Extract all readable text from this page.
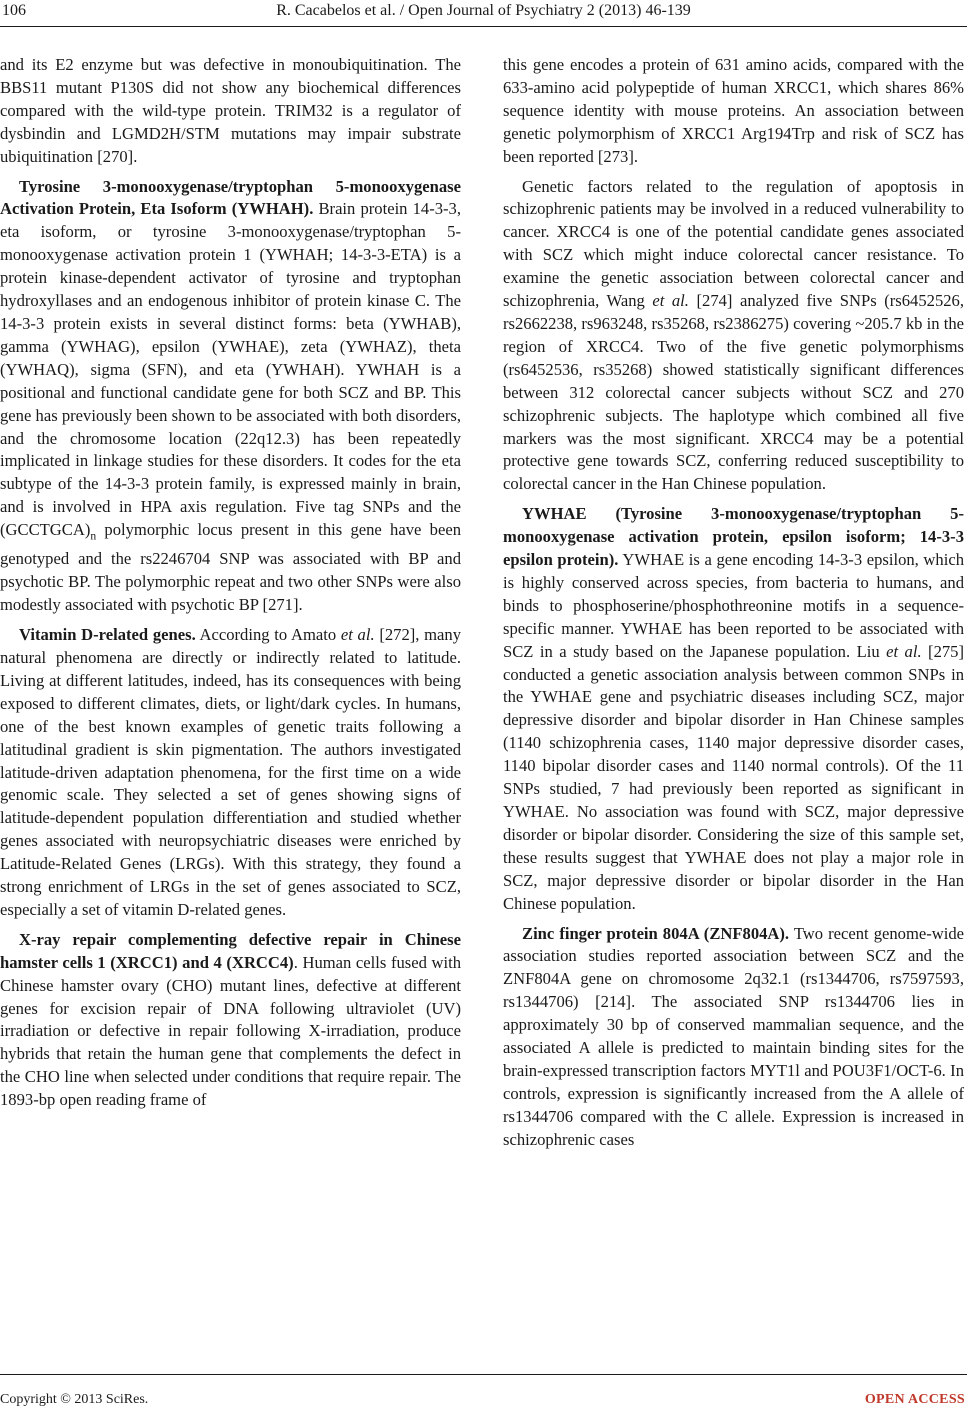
106	R. Cacabelos et al. / Open Journal of Psychiatry 2 (2013) 46-139

and its E2 enzyme but was defective in monoubiquitination. The BBS11 mutant P130S did not show any biochemical differences compared with the wild-type protein. TRIM32 is a regulator of dysbindin and LGMD2H/STM mutations may impair substrate ubiquitination [270].

Tyrosine 3-monooxygenase/tryptophan 5-monooxygenase Activation Protein, Eta Isoform (YWHAH). Brain protein 14-3-3, eta isoform, or tyrosine 3-monooxygenase/tryptophan 5-monooxygenase activation protein 1 (YWHAH; 14-3-3-ETA) is a protein kinase-dependent activator of tyrosine and tryptophan hydroxyllases and an endogenous inhibitor of protein kinase C. The 14-3-3 protein exists in several distinct forms: beta (YWHAB), gamma (YWHAG), epsilon (YWHAE), zeta (YWHAZ), theta (YWHAQ), sigma (SFN), and eta (YWHAH). YWHAH is a positional and functional candidate gene for both SCZ and BP. This gene has previously been shown to be associated with both disorders, and the chromosome location (22q12.3) has been repeatedly implicated in linkage studies for these disorders. It codes for the eta subtype of the 14-3-3 protein family, is expressed mainly in brain, and is involved in HPA axis regulation. Five tag SNPs and the $(GCCTGCA)_n$ polymorphic locus present in this gene have been genotyped and the rs2246704 SNP was associated with BP and psychotic BP. The polymorphic repeat and two other SNPs were also modestly associated with psychotic BP [271].

Vitamin D-related genes. According to Amato et al. [272], many natural phenomena are directly or indirectly related to latitude. Living at different latitudes, indeed, has its consequences with being exposed to different climates, diets, or light/dark cycles. In humans, one of the best known examples of genetic traits following a latitudinal gradient is skin pigmentation. The authors investigated latitude-driven adaptation phenomena, for the first time on a wide genomic scale. They selected a set of genes showing signs of latitude-dependent population differentiation and studied whether genes associated with neuropsychiatric diseases were enriched by Latitude-Related Genes (LRGs). With this strategy, they found a strong enrichment of LRGs in the set of genes associated to SCZ, especially a set of vitamin D-related genes.

X-ray repair complementing defective repair in Chinese hamster cells 1 (XRCC1) and 4 (XRCC4). Human cells fused with Chinese hamster ovary (CHO) mutant lines, defective at different genes for excision repair of DNA following ultraviolet (UV) irradiation or defective in repair following X-irradiation, produce hybrids that retain the human gene that complements the defect in the CHO line when selected under conditions that require repair. The 1893-bp open reading frame of

this gene encodes a protein of 631 amino acids, compared with the 633-amino acid polypeptide of human XRCC1, which shares 86% sequence identity with mouse proteins. An association between genetic polymorphism of XRCC1 Arg194Trp and risk of SCZ has been reported [273].

Genetic factors related to the regulation of apoptosis in schizophrenic patients may be involved in a reduced vulnerability to cancer. XRCC4 is one of the potential candidate genes associated with SCZ which might induce colorectal cancer resistance. To examine the genetic association between colorectal cancer and schizophrenia, Wang et al. [274] analyzed five SNPs (rs6452526, rs2662238, rs963248, rs35268, rs2386275) covering ~205.7 kb in the region of XRCC4. Two of the five genetic polymorphisms (rs6452536, rs35268) showed statistically significant differences between 312 colorectal cancer subjects without SCZ and 270 schizophrenic subjects. The haplotype which combined all five markers was the most significant. XRCC4 may be a potential protective gene towards SCZ, conferring reduced susceptibility to colorectal cancer in the Han Chinese population.

YWHAE (Tyrosine 3-monooxygenase/tryptophan 5-monooxygenase activation protein, epsilon isoform; 14-3-3 epsilon protein). YWHAE is a gene encoding 14-3-3 epsilon, which is highly conserved across species, from bacteria to humans, and binds to phosphoserine/phosphothreonine motifs in a sequence-specific manner. YWHAE has been reported to be associated with SCZ in a study based on the Japanese population. Liu et al. [275] conducted a genetic association analysis between common SNPs in the YWHAE gene and psychiatric diseases including SCZ, major depressive disorder and bipolar disorder in Han Chinese samples (1140 schizophrenia cases, 1140 major depressive disorder cases, 1140 bipolar disorder cases and 1140 normal controls). Of the 11 SNPs studied, 7 had previously been reported as significant in YWHAE. No association was found with SCZ, major depressive disorder or bipolar disorder. Considering the size of this sample set, these results suggest that YWHAE does not play a major role in SCZ, major depressive disorder or bipolar disorder in the Han Chinese population.

Zinc finger protein 804A (ZNF804A). Two recent genome-wide association studies reported association between SCZ and the ZNF804A gene on chromosome 2q32.1 (rs1344706, rs7597593, rs1344706) [214]. The associated SNP rs1344706 lies in approximately 30 bp of conserved mammalian sequence, and the associated A allele is predicted to maintain binding sites for the brain-expressed transcription factors MYT1l and POU3F1/OCT-6. In controls, expression is significantly increased from the A allele of rs1344706 compared with the C allele. Expression is increased in schizophrenic cases

Copyright © 2013 SciRes.	OPEN ACCESS
